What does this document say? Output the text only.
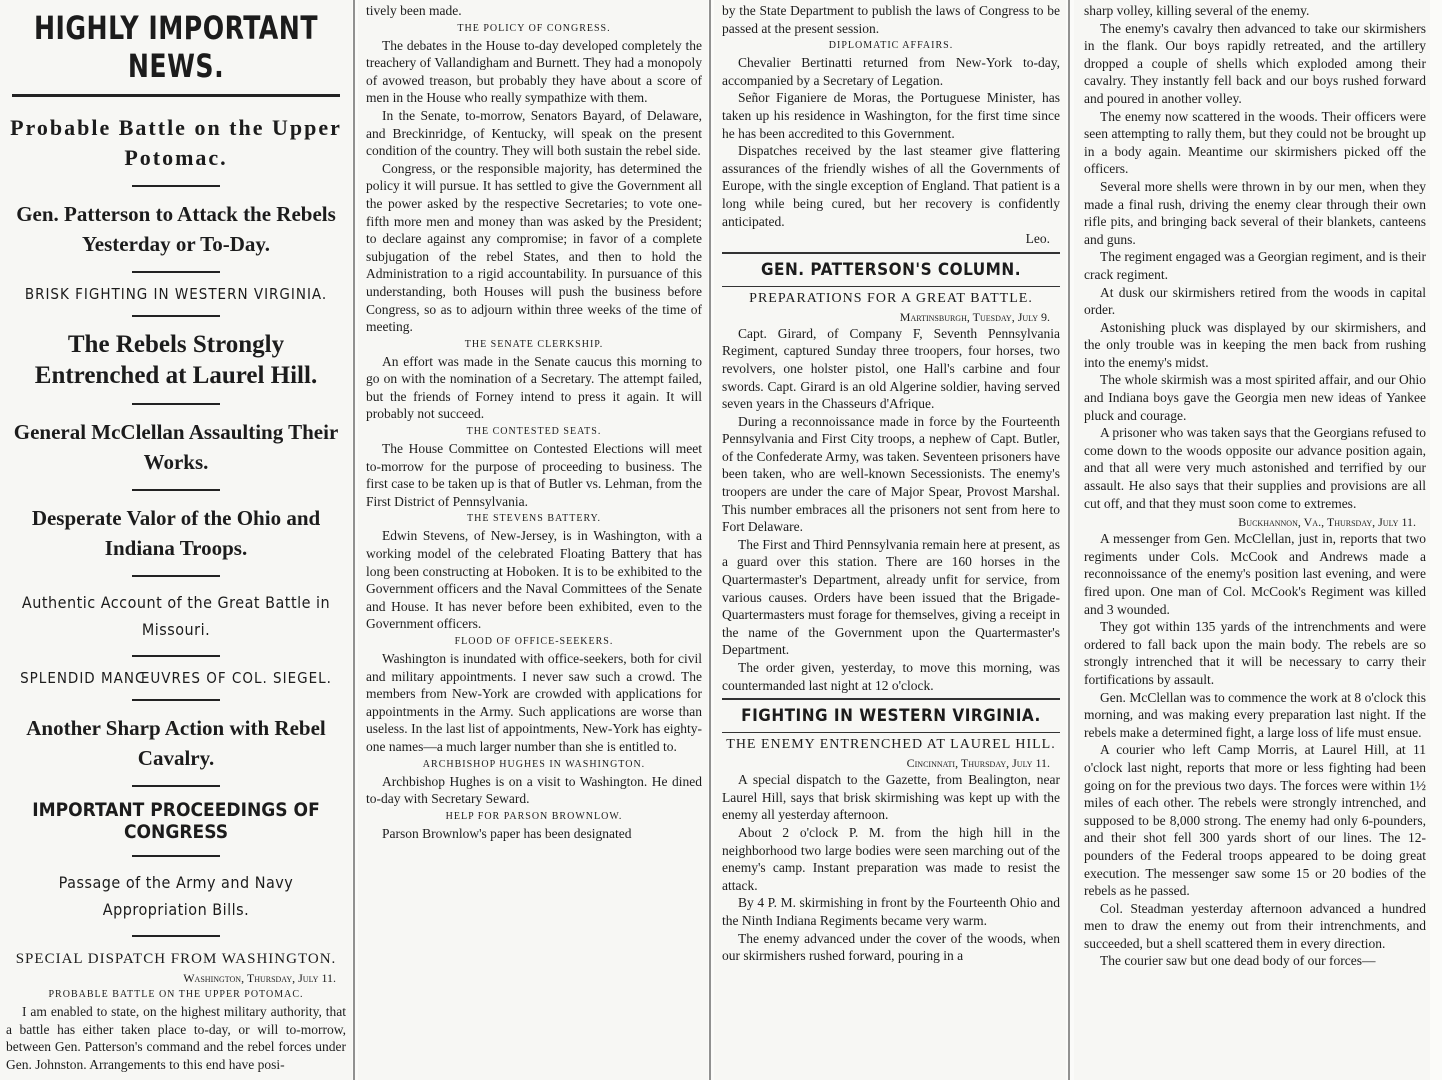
HIGHLY IMPORTANT NEWS.
Probable Battle on the Upper Potomac.
Gen. Patterson to Attack the Rebels Yesterday or To-Day.
BRISK FIGHTING IN WESTERN VIRGINIA.
The Rebels Strongly Entrenched at Laurel Hill.
General McClellan Assaulting Their Works.
Desperate Valor of the Ohio and Indiana Troops.
Authentic Account of the Great Battle in Missouri.
SPLENDID MANŒUVRES OF COL. SIEGEL.
Another Sharp Action with Rebel Cavalry.
IMPORTANT PROCEEDINGS OF CONGRESS
Passage of the Army and Navy Appropriation Bills.
SPECIAL DISPATCH FROM WASHINGTON.
Washington, Thursday, July 11.
PROBABLE BATTLE ON THE UPPER POTOMAC.

I am enabled to state, on the highest military authority, that a battle has either taken place to-day, or will to-morrow, between Gen. Patterson's command and the rebel forces under Gen. Johnston. Arrangements to this end have posi-

tively been made.

THE POLICY OF CONGRESS.

The debates in the House to-day developed completely the treachery of Vallandigham and Burnett. They had a monopoly of avowed treason, but probably they have about a score of men in the House who really sympathize with them.

In the Senate, to-morrow, Senators Bayard, of Delaware, and Breckinridge, of Kentucky, will speak on the present condition of the country. They will both sustain the rebel side.

Congress, or the responsible majority, has determined the policy it will pursue. It has settled to give the Government all the power asked by the respective Secretaries; to vote one-fifth more men and money than was asked by the President; to declare against any compromise; in favor of a complete subjugation of the rebel States, and then to hold the Administration to a rigid accountability. In pursuance of this understanding, both Houses will push the business before Congress, so as to adjourn within three weeks of the time of meeting.

THE SENATE CLERKSHIP.

An effort was made in the Senate caucus this morning to go on with the nomination of a Secretary. The attempt failed, but the friends of Forney intend to press it again. It will probably not succeed.

THE CONTESTED SEATS.

The House Committee on Contested Elections will meet to-morrow for the purpose of proceeding to business. The first case to be taken up is that of Butler vs. Lehman, from the First District of Pennsylvania.

THE STEVENS BATTERY.

Edwin Stevens, of New-Jersey, is in Washington, with a working model of the celebrated Floating Battery that has long been constructing at Hoboken. It is to be exhibited to the Government officers and the Naval Committees of the Senate and House. It has never before been exhibited, even to the Government officers.

FLOOD OF OFFICE-SEEKERS.

Washington is inundated with office-seekers, both for civil and military appointments. I never saw such a crowd. The members from New-York are crowded with applications for appointments in the Army. Such applications are worse than useless. In the last list of appointments, New-York has eighty-one names—a much larger number than she is entitled to.

ARCHBISHOP HUGHES IN WASHINGTON.

Archbishop Hughes is on a visit to Washington. He dined to-day with Secretary Seward.

HELP FOR PARSON BROWNLOW.

Parson Brownlow's paper has been designated

by the State Department to publish the laws of Congress to be passed at the present session.

DIPLOMATIC AFFAIRS.

Chevalier Bertinatti returned from New-York to-day, accompanied by a Secretary of Legation.

Señor Figaniere de Moras, the Portuguese Minister, has taken up his residence in Washington, for the first time since he has been accredited to this Government.

Dispatches received by the last steamer give flattering assurances of the friendly wishes of all the Governments of Europe, with the single exception of England. That patient is a long while being cured, but her recovery is confidently anticipated.

Leo.
GEN. PATTERSON'S COLUMN.
PREPARATIONS FOR A GREAT BATTLE.
Martinsburgh, Tuesday, July 9.

Capt. Girard, of Company F, Seventh Pennsylvania Regiment, captured Sunday three troopers, four horses, two revolvers, one holster pistol, one Hall's carbine and four swords. Capt. Girard is an old Algerine soldier, having served seven years in the Chasseurs d'Afrique.

During a reconnoissance made in force by the Fourteenth Pennsylvania and First City troops, a nephew of Capt. Butler, of the Confederate Army, was taken. Seventeen prisoners have been taken, who are well-known Secessionists. The enemy's troopers are under the care of Major Spear, Provost Marshal. This number embraces all the prisoners not sent from here to Fort Delaware.

The First and Third Pennsylvania remain here at present, as a guard over this station. There are 160 horses in the Quartermaster's Department, already unfit for service, from various causes. Orders have been issued that the Brigade-Quartermasters must forage for themselves, giving a receipt in the name of the Government upon the Quartermaster's Department.

The order given, yesterday, to move this morning, was countermanded last night at 12 o'clock.

FIGHTING IN WESTERN VIRGINIA.
THE ENEMY ENTRENCHED AT LAUREL HILL.
Cincinnati, Thursday, July 11.

A special dispatch to the Gazette, from Bealington, near Laurel Hill, says that brisk skirmishing was kept up with the enemy all yesterday afternoon.

About 2 o'clock P. M. from the high hill in the neighborhood two large bodies were seen marching out of the enemy's camp. Instant preparation was made to resist the attack.

By 4 P. M. skirmishing in front by the Fourteenth Ohio and the Ninth Indiana Regiments became very warm.

The enemy advanced under the cover of the woods, when our skirmishers rushed forward, pouring in a

sharp volley, killing several of the enemy.

The enemy's cavalry then advanced to take our skirmishers in the flank. Our boys rapidly retreated, and the artillery dropped a couple of shells which exploded among their cavalry. They instantly fell back and our boys rushed forward and poured in another volley.

The enemy now scattered in the woods. Their officers were seen attempting to rally them, but they could not be brought up in a body again. Meantime our skirmishers picked off the officers.

Several more shells were thrown in by our men, when they made a final rush, driving the enemy clear through their own rifle pits, and bringing back several of their blankets, canteens and guns.

The regiment engaged was a Georgian regiment, and is their crack regiment.

At dusk our skirmishers retired from the woods in capital order.

Astonishing pluck was displayed by our skirmishers, and the only trouble was in keeping the men back from rushing into the enemy's midst.

The whole skirmish was a most spirited affair, and our Ohio and Indiana boys gave the Georgia men new ideas of Yankee pluck and courage.

A prisoner who was taken says that the Georgians refused to come down to the woods opposite our advance position again, and that all were very much astonished and terrified by our assault. He also says that their supplies and provisions are all cut off, and that they must soon come to extremes.

Buckhannon, Va., Thursday, July 11.

A messenger from Gen. McClellan, just in, reports that two regiments under Cols. McCook and Andrews made a reconnoissance of the enemy's position last evening, and were fired upon. One man of Col. McCook's Regiment was killed and 3 wounded.

They got within 135 yards of the intrenchments and were ordered to fall back upon the main body. The rebels are so strongly intrenched that it will be necessary to carry their fortifications by assault.

Gen. McClellan was to commence the work at 8 o'clock this morning, and was making every preparation last night. If the rebels make a determined fight, a large loss of life must ensue.

A courier who left Camp Morris, at Laurel Hill, at 11 o'clock last night, reports that more or less fighting had been going on for the previous two days. The forces were within 1½ miles of each other. The rebels were strongly intrenched, and supposed to be 8,000 strong. The enemy had only 6-pounders, and their shot fell 300 yards short of our lines. The 12-pounders of the Federal troops appeared to be doing great execution. The messenger saw some 15 or 20 bodies of the rebels as he passed.

Col. Steadman yesterday afternoon advanced a hundred men to draw the enemy out from their intrenchments, and succeeded, but a shell scattered them in every direction.

The courier saw but one dead body of our forces—
